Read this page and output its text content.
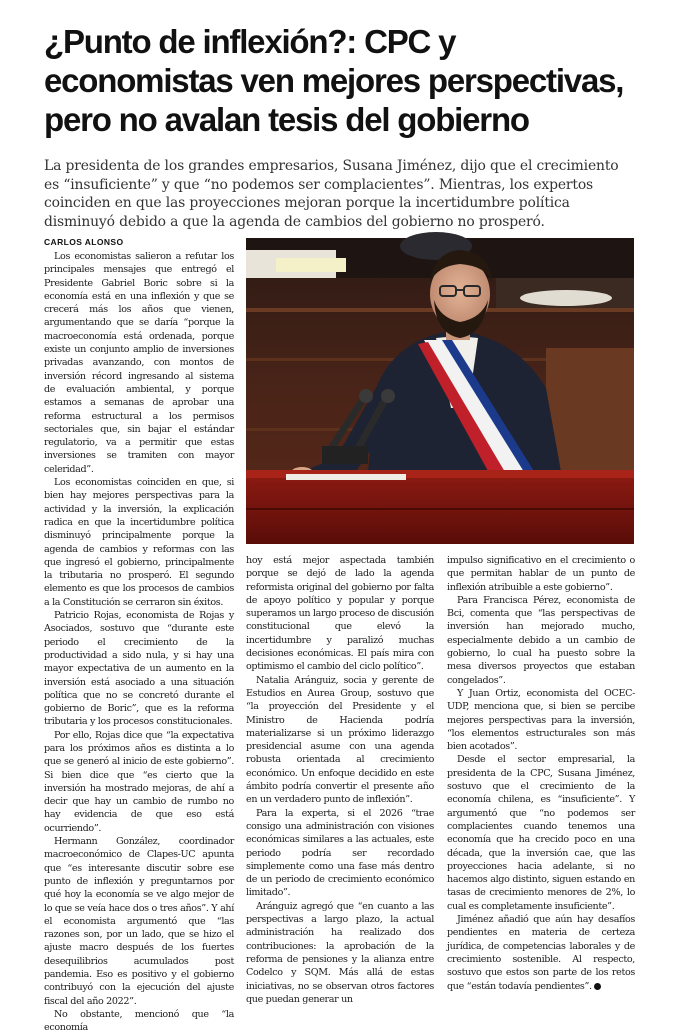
¿Punto de inflexión?: CPC y
economistas ven mejores perspectivas,
pero no avalan tesis del gobierno
La presidenta de los grandes empresarios, Susana Jiménez, dijo que el crecimiento
es “insuficiente” y que “no podemos ser complacientes”. Mientras, los expertos
coinciden en que las proyecciones mejoran porque la incertidumbre política
disminuyó debido a que la agenda de cambios del gobierno no prosperó.
CARLOS ALONSO

Los economistas salieron a refutar los principales mensajes que entregó el Presidente Gabriel Boric sobre si la economía está en una inflexión y que se crecerá más los años que vienen, argumentando que se daría “porque la macroeconomía está ordenada, porque existe un conjunto amplio de inversiones privadas avanzando, con montos de inversión récord ingresando al sistema de evaluación ambiental, y porque estamos a semanas de aprobar una reforma estructural a los permisos sectoriales que, sin bajar el estándar regulatorio, va a permitir que estas inversiones se tramiten con mayor celeridad”.

Los economistas coinciden en que, si bien hay mejores perspectivas para la actividad y la inversión, la explicación radica en que la incertidumbre política disminuyó principalmente porque la agenda de cambios y reformas con las que ingresó el gobierno, principalmente la tributaria no prosperó. El segundo elemento es que los procesos de cambios a la Constitución se cerraron sin éxitos.

Patricio Rojas, economista de Rojas y Asociados, sostuvo que “durante este periodo el crecimiento de la productividad a sido nula, y si hay una mayor expectativa de un aumento en la inversión está asociado a una situación política que no se concretó durante el gobierno de Boric”, que es la reforma tributaria y los procesos constitucionales.

Por ello, Rojas dice que “la expectativa para los próximos años es distinta a lo que se generó al inicio de este gobierno”. Si bien dice que “es cierto que la inversión ha mostrado mejoras, de ahí a decir que hay un cambio de rumbo no hay evidencia de que eso está ocurriendo”.

Hermann González, coordinador macroeconómico de Clapes-UC apunta que “es interesante discutir sobre ese punto de inflexión y preguntarnos por qué hoy la economía se ve algo mejor de lo que se veía hace dos o tres años”. Y ahí el economista argumentó que “las razones son, por un lado, que se hizo el ajuste macro después de los fuertes desequilibrios acumulados post pandemia. Eso es positivo y el gobierno contribuyó con la ejecución del ajuste fiscal del año 2022”.

No obstante, mencionó que “la economía

hoy está mejor aspectada también porque se dejó de lado la agenda reformista original del gobierno por falta de apoyo político y popular y porque superamos un largo proceso de discusión constitucional que elevó la incertidumbre y paralizó muchas decisiones económicas. El país mira con optimismo el cambio del ciclo político”.

Natalia Aránguiz, socia y gerente de Estudios en Aurea Group, sostuvo que “la proyección del Presidente y el Ministro de Hacienda podría materializarse si un próximo liderazgo presidencial asume con una agenda robusta orientada al crecimiento económico. Un enfoque decidido en este ámbito podría convertir el presente año en un verdadero punto de inflexión”.

Para la experta, si el 2026 “trae consigo una administración con visiones económicas similares a las actuales, este periodo podría ser recordado simplemente como una fase más dentro de un periodo de crecimiento económico limitado”.

Aránguiz agregó que “en cuanto a las perspectivas a largo plazo, la actual administración ha realizado dos contribuciones: la aprobación de la reforma de pensiones y la alianza entre Codelco y SQM. Más allá de estas iniciativas, no se observan otros factores que puedan generar un

impulso significativo en el crecimiento o que permitan hablar de un punto de inflexión atribuible a este gobierno”.

Para Francisca Pérez, economista de Bci, comenta que “las perspectivas de inversión han mejorado mucho, especialmente debido a un cambio de gobierno, lo cual ha puesto sobre la mesa diversos proyectos que estaban congelados”.

Y Juan Ortiz, economista del OCEC-UDP, menciona que, si bien se percibe mejores perspectivas para la inversión, “los elementos estructurales son más bien acotados”.

Desde el sector empresarial, la presidenta de la CPC, Susana Jiménez, sostuvo que el crecimiento de la economía chilena, es “insuficiente”. Y argumentó que “no podemos ser complacientes cuando tenemos una economía que ha crecido poco en una década, que la inversión cae, que las proyecciones hacia adelante, si no hacemos algo distinto, siguen estando en tasas de crecimiento menores de 2%, lo cual es completamente insuficiente”.

Jiménez añadió que aún hay desafíos pendientes en materia de certeza jurídica, de competencias laborales y de crecimiento sostenible. Al respecto, sostuvo que estos son parte de los retos que “están todavía pendientes”.
